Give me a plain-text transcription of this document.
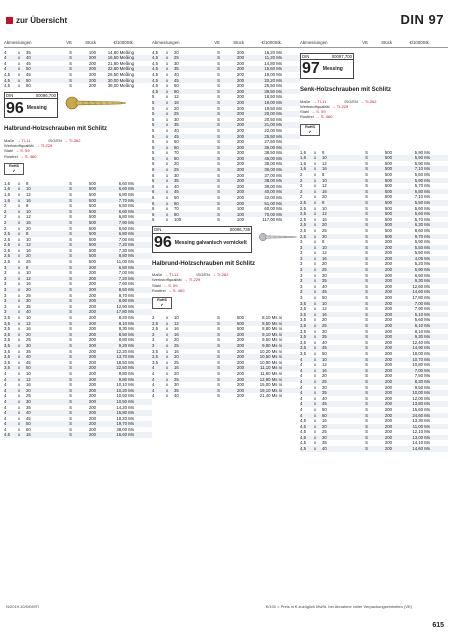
zur Übersicht	DIN 97
Abmessungen	VE	Stück	€/1000Stk.
4	x 35	S	100	14,80 Meßing
4	x 40	S	200	16,50 Meßing
4	x 45	S	200	21,80 Meßing
4	x 50	S	200	22,80 Meßing
4,5 x 45	S	200	26,50 Meßing
4,5 x 50	S	200	30,00 Meßing
4,5 x 60	S	200	38,00 Meßing
DIN	00096,700
96 Messing
Halbrund-Holzschrauben mit Schlitz
Maße → TI-11	ISO/EN → TI-262
Werkstoffqualität → TI-229
Stahl → S. 59
Rostfrei → S. 460
RoHS
✔
1,6 x 8	S	500	6,60 Ms
1,6 x 10	S	500	6,60 Ms
1,6 x 12	S	500	6,80 Ms
1,6 x 16	S	500	7,70 Ms
2	x 8	S	500	6,50 Ms
2	x 10	S	500	6,60 Ms
2	x 12	S	500	6,80 Ms
2	x 16	S	500	7,90 Ms
2	x 20	S	500	8,50 Ms
2,5 x 8	S	500	6,80 Ms
2,5 x 10	S	500	7,00 Ms
2,5 x 12	S	500	7,20 Ms
2,5 x 16	S	500	7,30 Ms
2,5 x 20	S	500	8,80 Ms
2,5 x 25	S	500	11,00 Ms
3	x 8	S	200	6,80 Ms
3	x 10	S	200	7,00 Ms
3	x 12	S	200	7,20 Ms
3	x 16	S	200	7,60 Ms
3	x 20	S	200	8,50 Ms
3	x 25	S	200	8,70 Ms
3	x 30	S	200	8,90 Ms
3	x 35	S	200	12,90 Ms
3	x 40	S	200	17,80 Ms
3,5 x 10	S	200	8,20 Ms
3,5 x 12	S	200	8,10 Ms
3,5 x 16	S	200	8,30 Ms
3,5 x 20	S	200	8,50 Ms
3,5 x 25	S	200	8,80 Ms
3,5 x 30	S	200	9,20 Ms
3,5 x 35	S	200	12,20 Ms
3,5 x 40	S	200	13,70 Ms
3,5 x 45	S	200	18,50 Ms
3,5 x 50	S	200	22,50 Ms
4	x 10	S	200	9,80 Ms
4	x 12	S	200	9,80 Ms
4	x 16	S	200	10,10 Ms
4	x 20	S	200	10,20 Ms
4	x 25	S	200	10,50 Ms
4	x 30	S	200	10,50 Ms
4	x 35	S	200	14,20 Ms
4	x 40	S	200	15,80 Ms
4	x 45	S	200	18,20 Ms
4	x 50	S	200	19,70 Ms
4	x 60	S	200	38,00 Ms
4,5 x 16	S	200	16,60 Ms
Abmessungen	VE	Stück	€/1000Stk.
4,5 x 20	S	200	16,20 Ms
4,5 x 25	S	200	11,20 Ms
4,5 x 30	S	200	14,80 Ms
4,5 x 35	S	200	15,60 Ms
4,5 x 40	S	200	19,00 Ms
4,5 x 45	S	200	20,20 Ms
4,5 x 50	S	200	25,50 Ms
4,5 x 60	S	200	39,50 Ms
5	x 12	S	200	18,50 Ms
5	x 16	S	200	19,00 Ms
5	x 20	S	200	19,50 Ms
5	x 25	S	200	20,00 Ms
5	x 30	S	200	20,50 Ms
5	x 35	S	200	21,00 Ms
5	x 40	S	200	22,00 Ms
5	x 45	S	200	25,50 Ms
5	x 50	S	200	27,50 Ms
5	x 60	S	200	36,00 Ms
5	x 70	S	200	38,50 Ms
5	x 80	S	200	45,00 Ms
6	x 20	S	200	35,00 Ms
6	x 25	S	200	36,00 Ms
6	x 30	S	200	37,00 Ms
6	x 35	S	200	38,00 Ms
6	x 40	S	200	39,00 Ms
6	x 45	S	200	40,00 Ms
6	x 50	S	200	42,00 Ms
6	x 60	S	200	51,00 Ms
6	x 70	S	100	60,00 Ms
6	x 80	S	100	70,00 Ms
6	x 100	S	100	117,00 Ms
DIN	00096,738
96 Messing galvanisch vernickelt
Halbrund-Holzschrauben mit Schlitz
Maße → TI-11	ISO/EN → TI-262
Werkstoffqualität → TI-229
Stahl → S. 59
Rostfrei → S. 460
RoHS
✔
2	x 10	S	500	8,10 Ms ni
2,5 x 12	S	500	8,50 Ms ni
2,5 x 16	S	500	8,80 Ms ni
3	x 16	S	200	9,10 Ms ni
3	x 20	S	200	9,50 Ms ni
3	x 25	S	200	9,80 Ms ni
3,5 x 16	S	200	10,20 Ms ni
3,5 x 20	S	200	10,50 Ms ni
3,5 x 25	S	200	10,90 Ms ni
4	x 16	S	200	11,10 Ms ni
4	x 20	S	200	11,60 Ms ni
4	x 25	S	200	12,90 Ms ni
4	x 30	S	200	15,00 Ms ni
4	x 35	S	200	19,10 Ms ni
4	x 40	S	200	21,40 Ms ni
Abmessungen	VE	Stück	€/1000Stk.
DIN	00097,700
97 Messing
Senk-Holzschrauben mit Schlitz
Maße → TI-11	ISO/EN → TI-262
Werkstoffqualität → TI-229
Stahl → S. 59
Rostfrei → S. 460
RoHS
✔
1,6 x 8	S	500	5,90 Ms
1,6 x 10	S	500	5,90 Ms
1,6 x 12	S	500	5,90 Ms
1,6 x 16	S	500	7,10 Ms
2	x 8	S	500	5,60 Ms
2	x 10	S	500	5,90 Ms
2	x 12	S	500	5,70 Ms
2	x 16	S	500	6,80 Ms
2	x 20	S	500	7,10 Ms
2,5 x 8	S	500	5,50 Ms
2,5 x 10	S	500	5,60 Ms
2,5 x 12	S	500	5,60 Ms
2,5 x 16	S	500	5,70 Ms
2,5 x 20	S	500	6,30 Ms
2,5 x 25	S	500	8,60 Ms
2,5 x 30	S	500	9,70 Ms
3	x 8	S	200	5,90 Ms
3	x 10	S	200	5,50 Ms
3	x 12	S	200	5,50 Ms
3	x 16	S	200	4,05 Ms
3	x 20	S	200	5,20 Ms
3	x 25	S	200	5,90 Ms
3	x 30	S	200	6,90 Ms
3	x 35	S	200	9,30 Ms
3	x 40	S	200	12,60 Ms
3	x 45	S	200	14,60 Ms
3	x 50	S	200	17,80 Ms
3,5 x 10	S	200	7,00 Ms
3,5 x 12	S	200	7,90 Ms
3,5 x 16	S	200	5,10 Ms
3,5 x 20	S	200	5,60 Ms
3,5 x 25	S	200	6,10 Ms
3,5 x 30	S	200	8,10 Ms
3,5 x 35	S	200	9,30 Ms
3,5 x 40	S	200	12,40 Ms
3,5 x 45	S	200	14,90 Ms
3,5 x 50	S	200	18,00 Ms
4	x 10	S	200	10,70 Ms
4	x 12	S	200	10,80 Ms
4	x 16	S	200	7,00 Ms
4	x 20	S	200	7,50 Ms
4	x 25	S	200	8,30 Ms
4	x 30	S	200	9,50 Ms
4	x 35	S	200	10,00 Ms
4	x 40	S	200	12,00 Ms
4	x 45	S	200	13,80 Ms
4	x 50	S	200	15,60 Ms
4	x 60	S	200	24,60 Ms
4,5 x 16	S	200	13,30 Ms
4,5 x 20	S	200	11,00 Ms
4,5 x 25	S	200	12,10 Ms
4,5 x 30	S	200	13,00 Ms
4,5 x 35	S	200	14,10 Ms
4,5 x 40	S	200	14,60 Ms
N/2019.10/DE/MTI	€/100 = Preis in € zuzüglich MwSt. bei Abnahme voller Verpackungseinheiten (VE)
615
